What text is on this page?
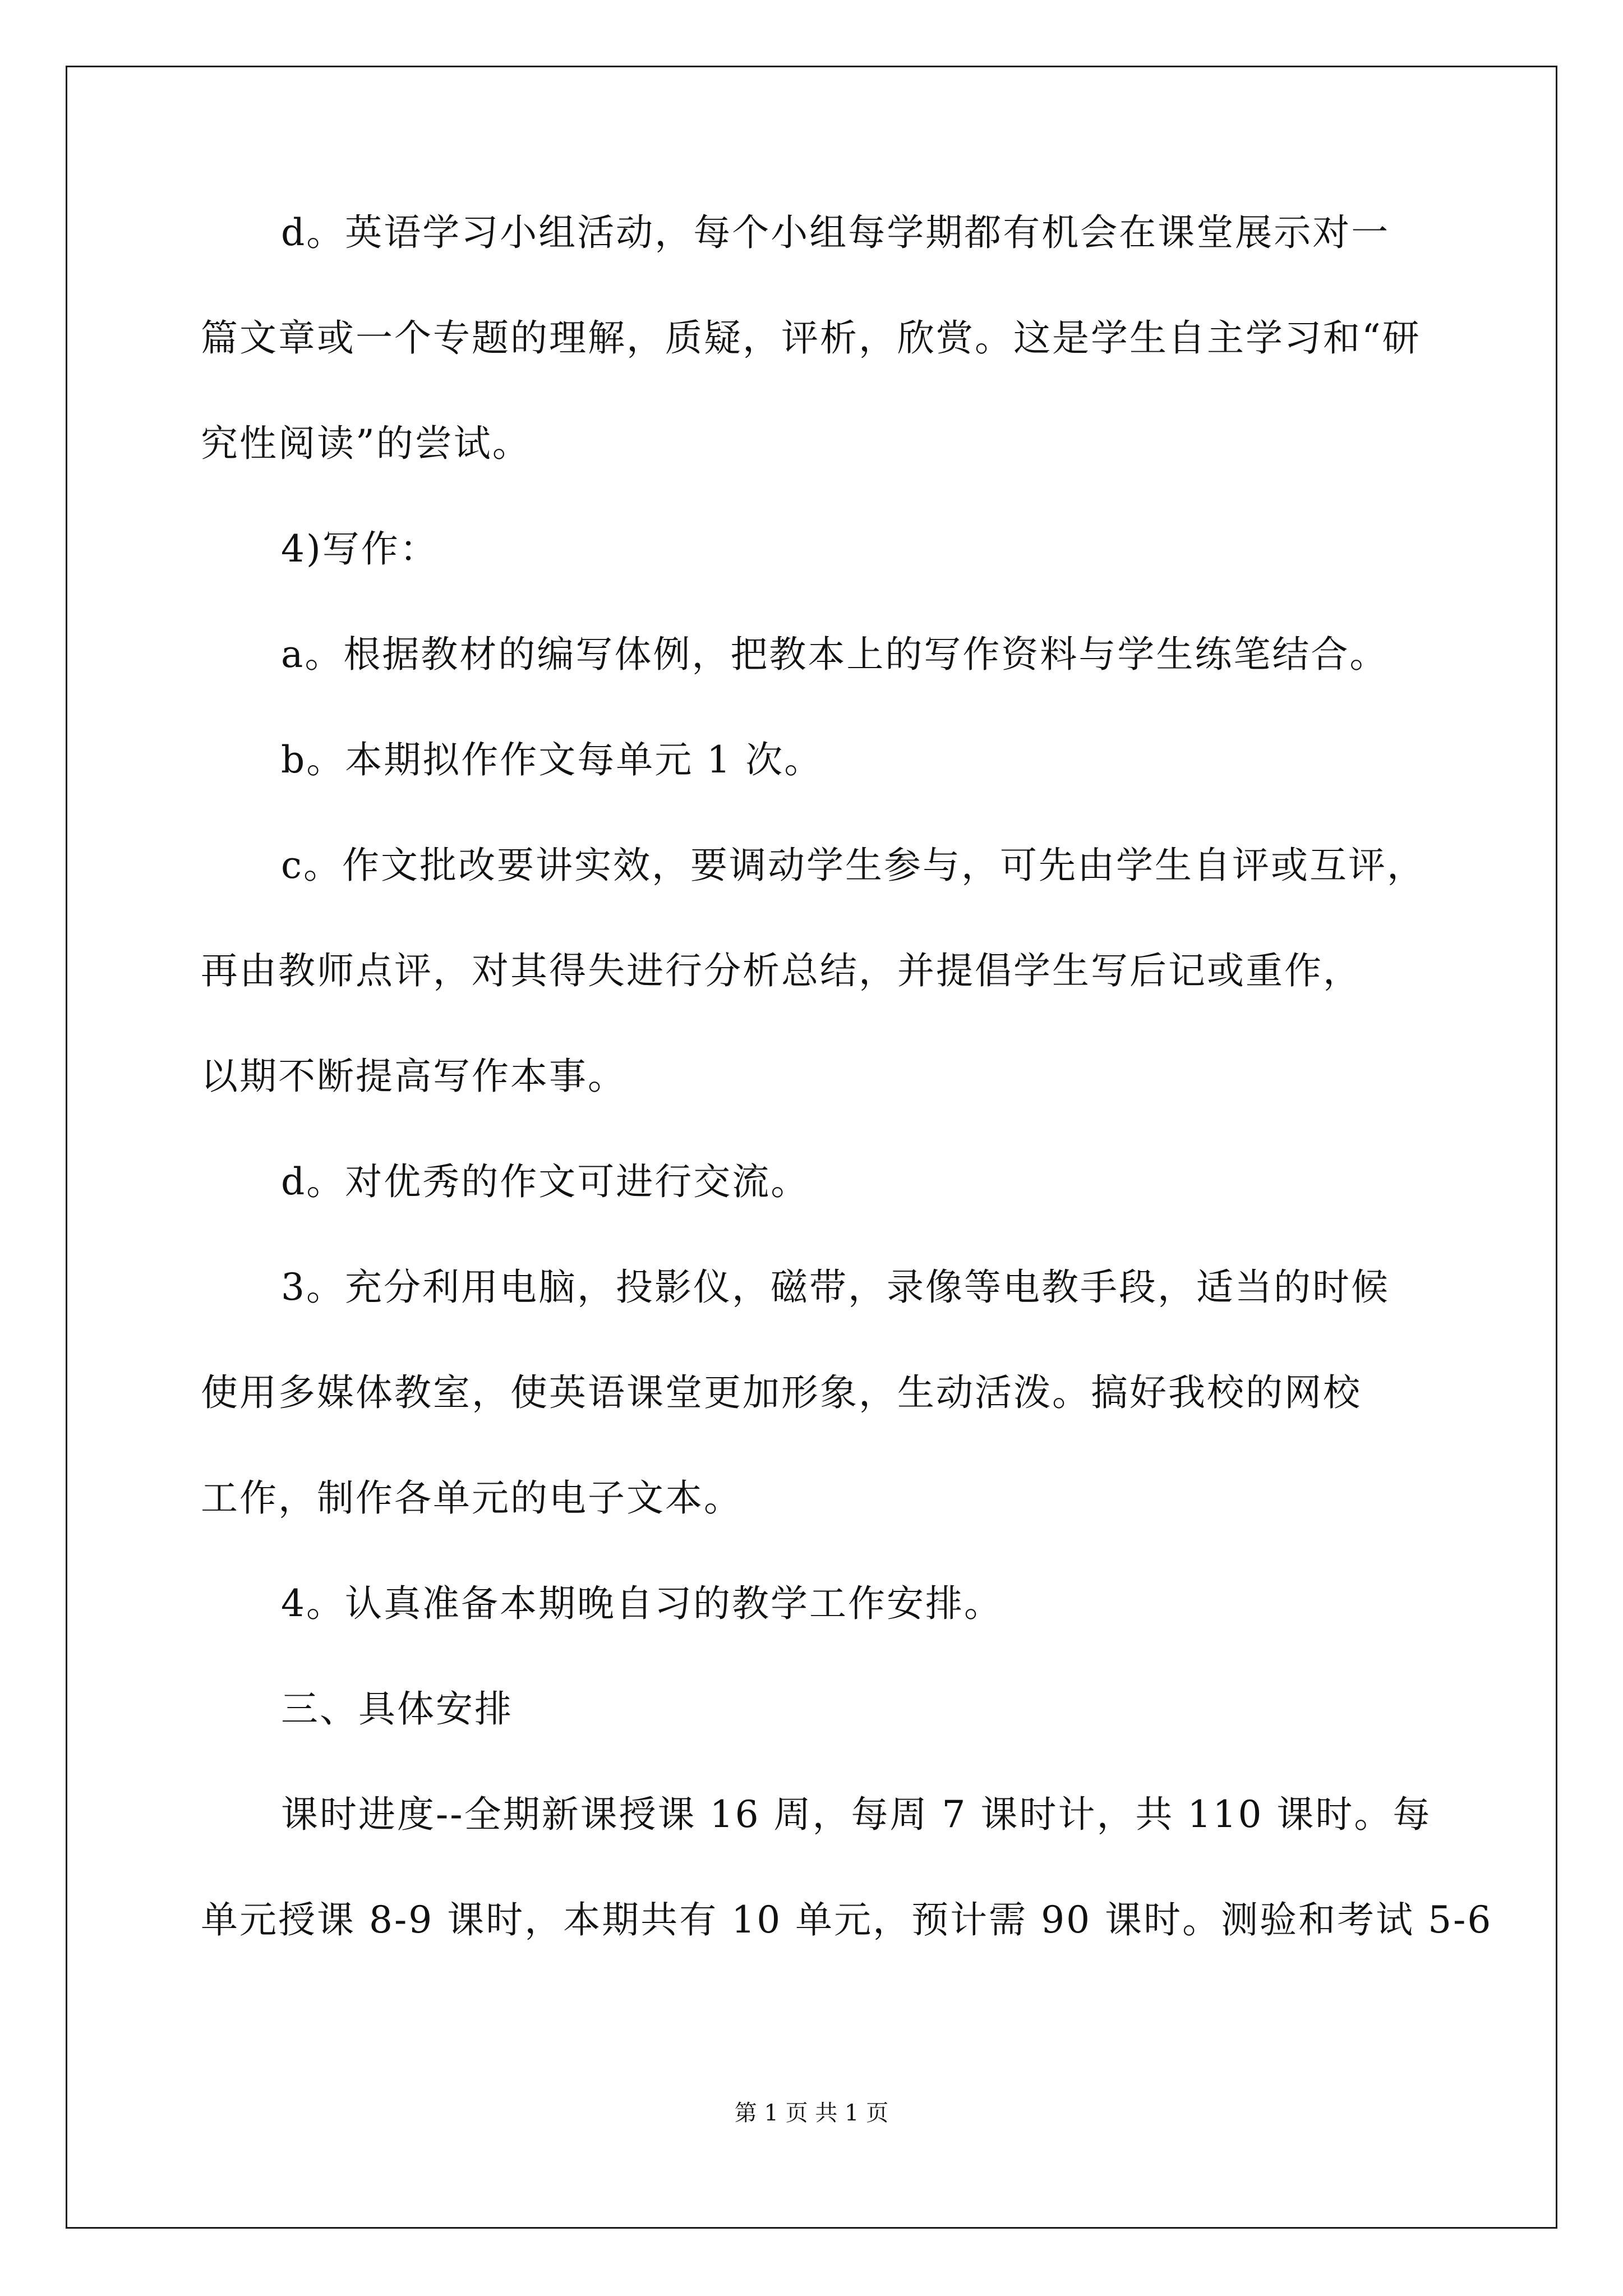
d。英语学习小组活动，每个小组每学期都有机会在课堂展示对一
篇文章或一个专题的理解，质疑，评析，欣赏。这是学生自主学习和“研
究性阅读”的尝试。
4)写作：
a。根据教材的编写体例，把教本上的写作资料与学生练笔结合。
b。本期拟作作文每单元 1 次。
c。作文批改要讲实效，要调动学生参与，可先由学生自评或互评，
再由教师点评，对其得失进行分析总结，并提倡学生写后记或重作，
以期不断提高写作本事。
d。对优秀的作文可进行交流。
3。充分利用电脑，投影仪，磁带，录像等电教手段，适当的时候
使用多媒体教室，使英语课堂更加形象，生动活泼。搞好我校的网校
工作，制作各单元的电子文本。
4。认真准备本期晚自习的教学工作安排。
三、具体安排
课时进度--全期新课授课 16 周，每周 7 课时计，共 110 课时。每
单元授课 8-9 课时，本期共有 10 单元，预计需 90 课时。测验和考试 5-6
第 1 页 共 1 页
